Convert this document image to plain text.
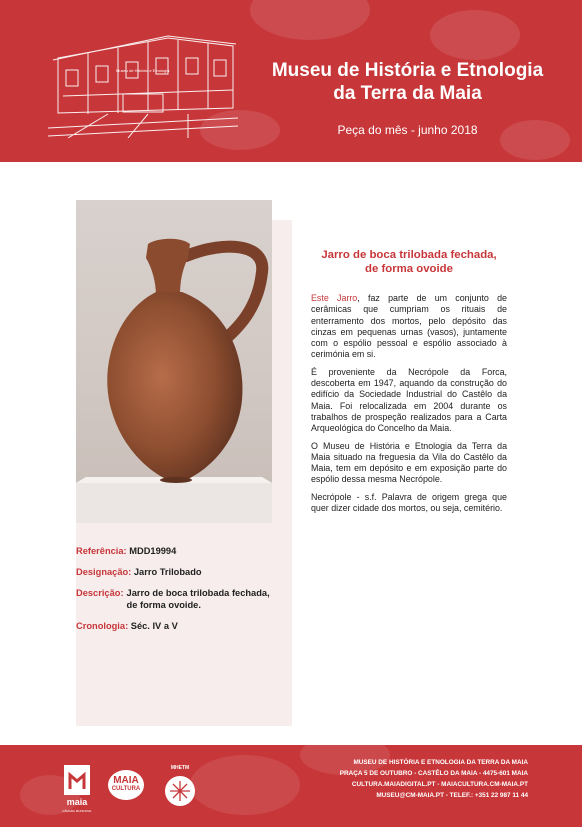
Museu de História e Etnologia	Museu de História e Etnologia
da Terra da Maia
Peça do mês - junho 2018
Referência: MDD19994
Designação: Jarro Trilobado
Descrição: Jarro de boca trilobada fechada,
de forma ovoide.
Cronologia: Séc. IV a V
Jarro de boca trilobada fechada,
de forma ovoide

Este Jarro, faz parte de um conjunto de cerâmicas que cumpriam os rituais de enterramento dos mortos, pelo depósito das cinzas em pequenas urnas (vasos), juntamente com o espólio pessoal e espólio associado à cerimónia em si.

É proveniente da Necrópole da Forca, descoberta em 1947, aquando da construção do edifício da Sociedade Industrial do Castêlo da Maia. Foi relocalizada em 2004 durante os trabalhos de prospeção realizados para a Carta Arqueológica do Concelho da Maia.

O Museu de História e Etnologia da Terra da Maia situado na freguesia da Vila do Castêlo da Maia, tem em depósito e em exposição parte do espólio dessa mesma Necrópole.

Necrópole - s.f. Palavra de origem grega que quer dizer cidade dos mortos, ou seja, cemitério.

maia
CÂMARA MUNICIPAL
MAIA
CULTURA
MHETM
MUSEU DE HISTÓRIA E ETNOLOGIA DA TERRA DA MAIA
PRAÇA 5 DE OUTUBRO - CASTÊLO DA MAIA - 4475-601 MAIA
CULTURA.MAIADIGITAL.PT - MAIACULTURA.CM-MAIA.PT
MUSEU@CM-MAIA.PT - TELEF.: +351 22 987 11 44
